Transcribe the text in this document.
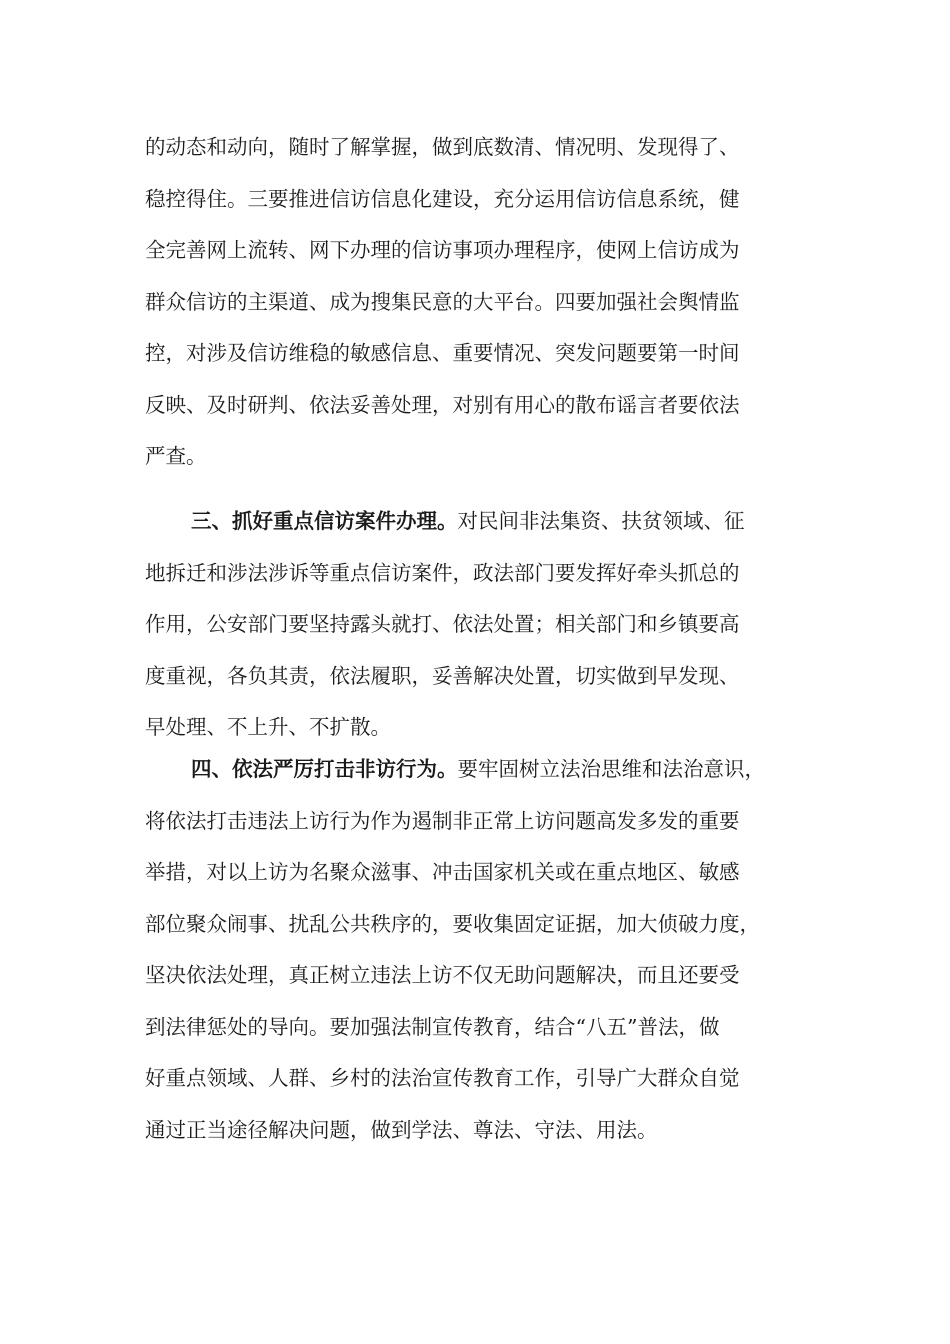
的动态和动向，随时了解掌握，做到底数清、情况明、发现得了、
稳控得住。三要推进信访信息化建设，充分运用信访信息系统，健
全完善网上流转、网下办理的信访事项办理程序，使网上信访成为
群众信访的主渠道、成为搜集民意的大平台。四要加强社会舆情监
控，对涉及信访维稳的敏感信息、重要情况、突发问题要第一时间
反映、及时研判、依法妥善处理，对别有用心的散布谣言者要依法
严查。
三、抓好重点信访案件办理。对民间非法集资、扶贫领域、征
地拆迁和涉法涉诉等重点信访案件，政法部门要发挥好牵头抓总的
作用，公安部门要坚持露头就打、依法处置；相关部门和乡镇要高
度重视，各负其责，依法履职，妥善解决处置，切实做到早发现、
早处理、不上升、不扩散。
四、依法严厉打击非访行为。要牢固树立法治思维和法治意识，
将依法打击违法上访行为作为遏制非正常上访问题高发多发的重要
举措，对以上访为名聚众滋事、冲击国家机关或在重点地区、敏感
部位聚众闹事、扰乱公共秩序的，要收集固定证据，加大侦破力度，
坚决依法处理，真正树立违法上访不仅无助问题解决，而且还要受
到法律惩处的导向。要加强法制宣传教育，结合“八五”普法，做
好重点领域、人群、乡村的法治宣传教育工作，引导广大群众自觉
通过正当途径解决问题，做到学法、尊法、守法、用法。
